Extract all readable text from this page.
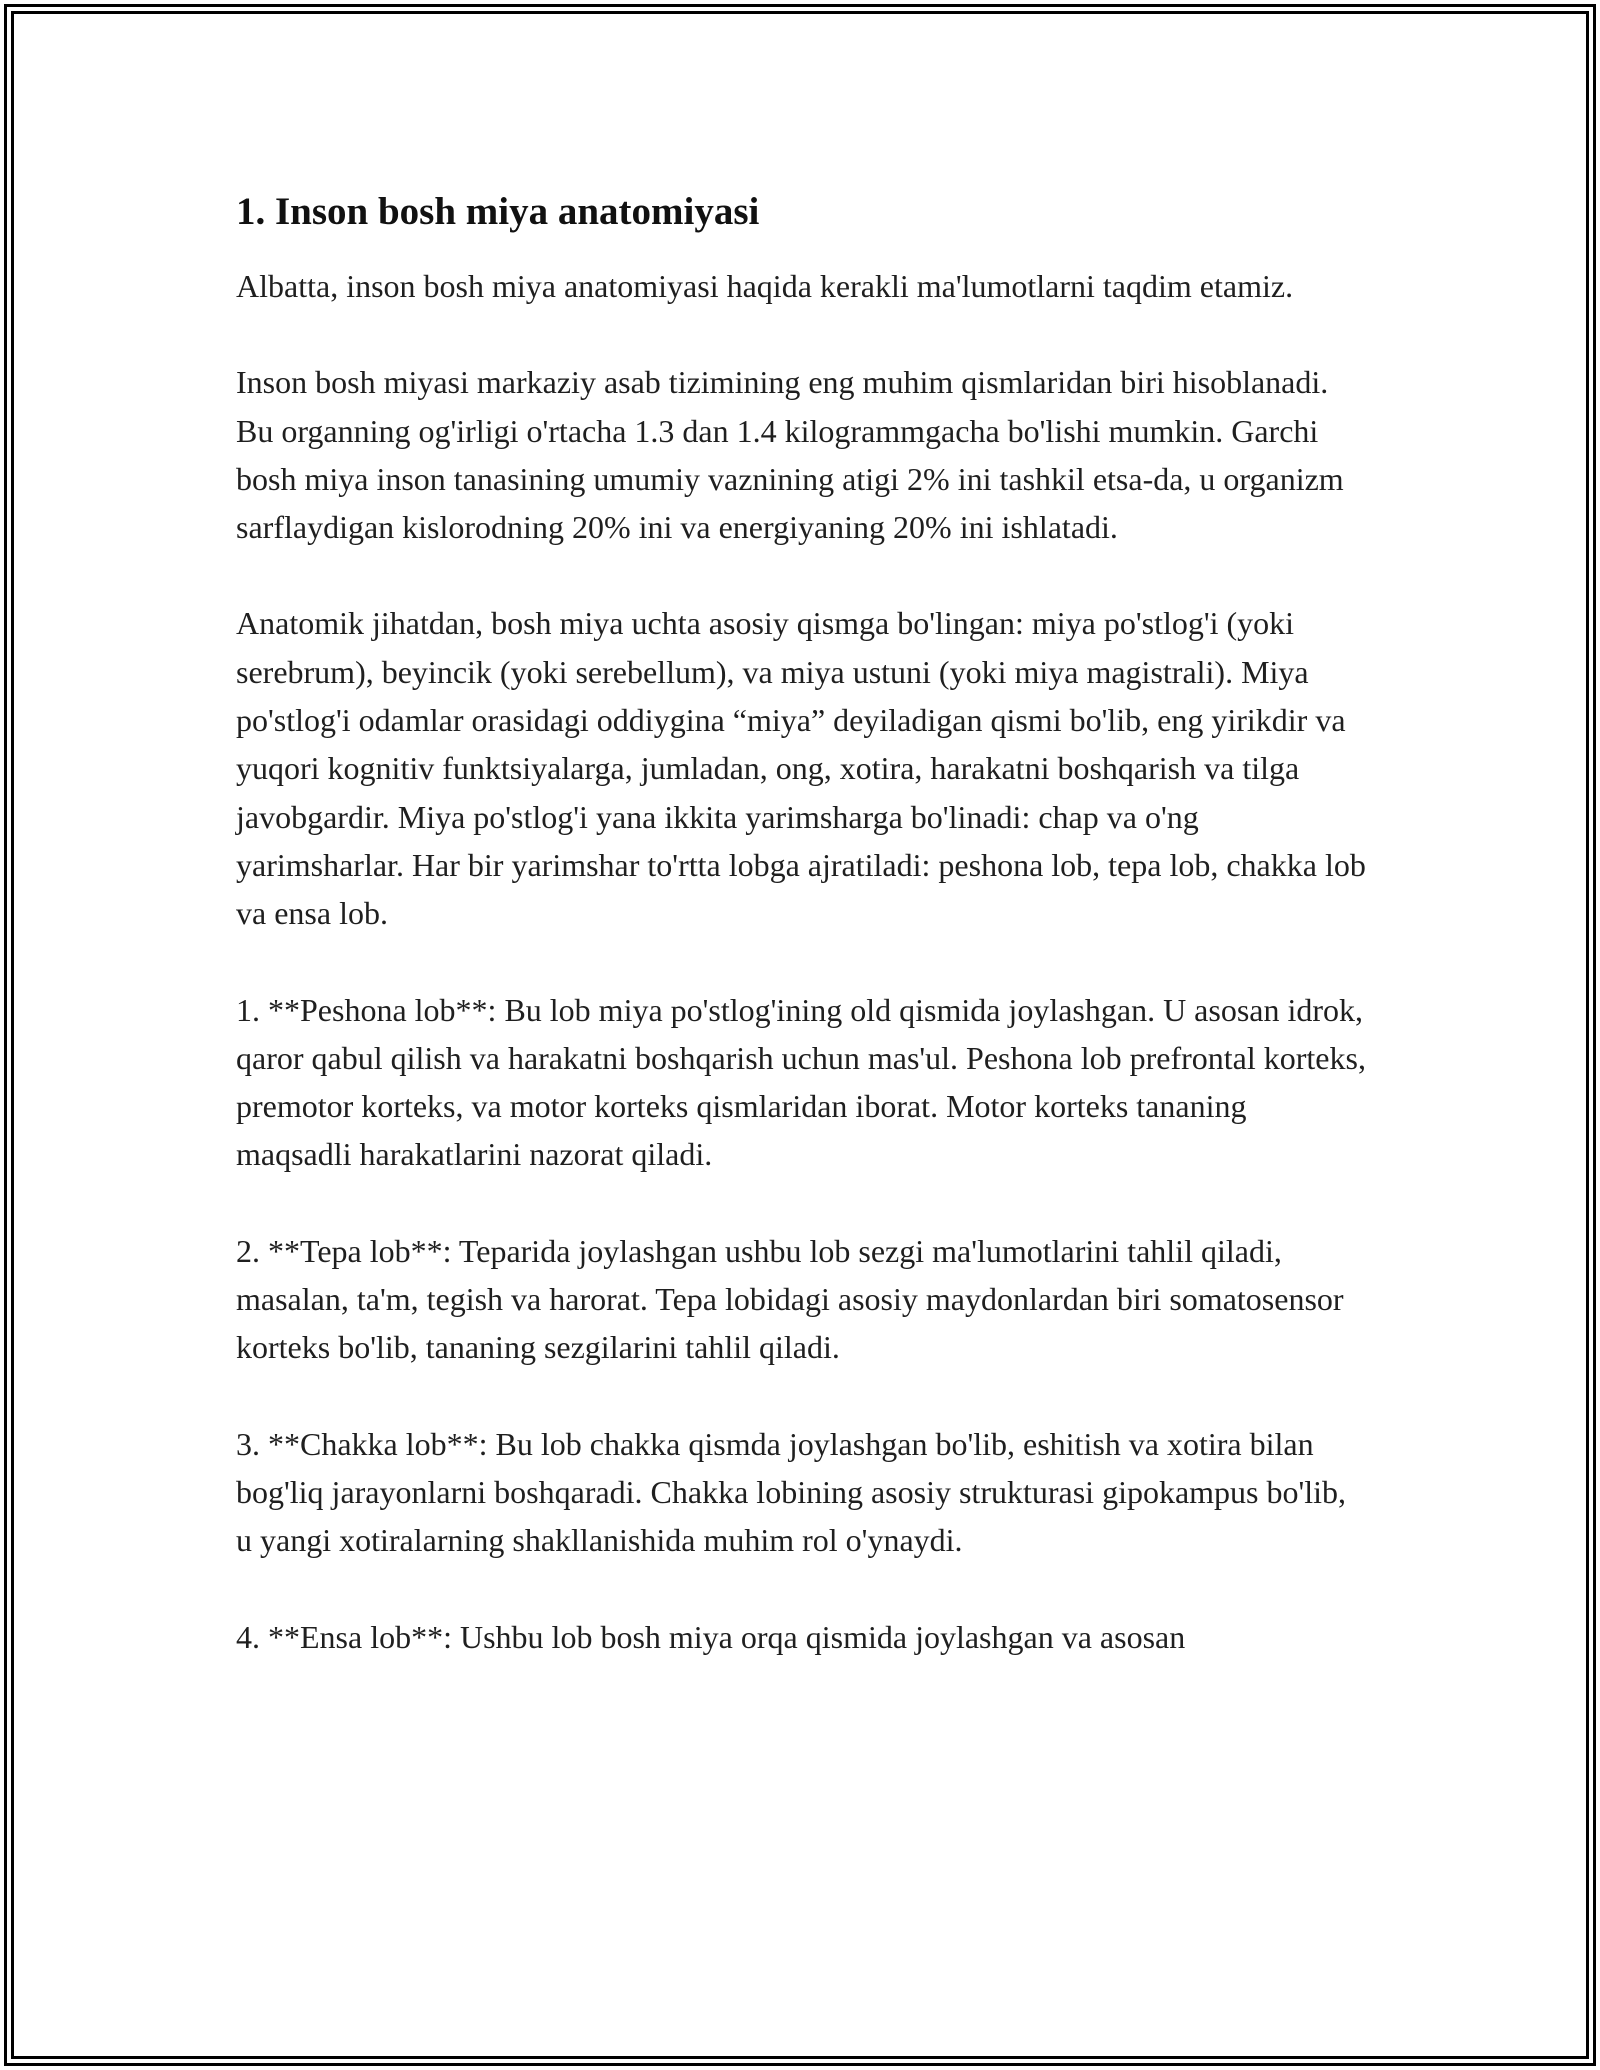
1. Inson bosh miya anatomiyasi

Albatta, inson bosh miya anatomiyasi haqida kerakli ma'lumotlarni taqdim etamiz.

Inson bosh miyasi markaziy asab tizimining eng muhim qismlaridan biri hisoblanadi. Bu organning og'irligi o'rtacha 1.3 dan 1.4 kilogrammgacha bo'lishi mumkin. Garchi bosh miya inson tanasining umumiy vaznining atigi 2% ini tashkil etsa-da, u organizm sarflaydigan kislorodning 20% ini va energiyaning 20% ini ishlatadi.

Anatomik jihatdan, bosh miya uchta asosiy qismga bo'lingan: miya po'stlog'i (yoki serebrum), beyincik (yoki serebellum), va miya ustuni (yoki miya magistrali). Miya po'stlog'i odamlar orasidagi oddiygina “miya” deyiladigan qismi bo'lib, eng yirikdir va yuqori kognitiv funktsiyalarga, jumladan, ong, xotira, harakatni boshqarish va tilga javobgardir. Miya po'stlog'i yana ikkita yarimsharga bo'linadi: chap va o'ng yarimsharlar. Har bir yarimshar to'rtta lobga ajratiladi: peshona lob, tepa lob, chakka lob va ensa lob.

1. **Peshona lob**: Bu lob miya po'stlog'ining old qismida joylashgan. U asosan idrok, qaror qabul qilish va harakatni boshqarish uchun mas'ul. Peshona lob prefrontal korteks, premotor korteks, va motor korteks qismlaridan iborat. Motor korteks tananing maqsadli harakatlarini nazorat qiladi.

2. **Tepa lob**: Teparida joylashgan ushbu lob sezgi ma'lumotlarini tahlil qiladi, masalan, ta'm, tegish va harorat. Tepa lobidagi asosiy maydonlardan biri somatosensor korteks bo'lib, tananing sezgilarini tahlil qiladi.

3. **Chakka lob**: Bu lob chakka qismda joylashgan bo'lib, eshitish va xotira bilan bog'liq jarayonlarni boshqaradi. Chakka lobining asosiy strukturasi gipokampus bo'lib, u yangi xotiralarning shakllanishida muhim rol o'ynaydi.

4. **Ensa lob**: Ushbu lob bosh miya orqa qismida joylashgan va asosan
